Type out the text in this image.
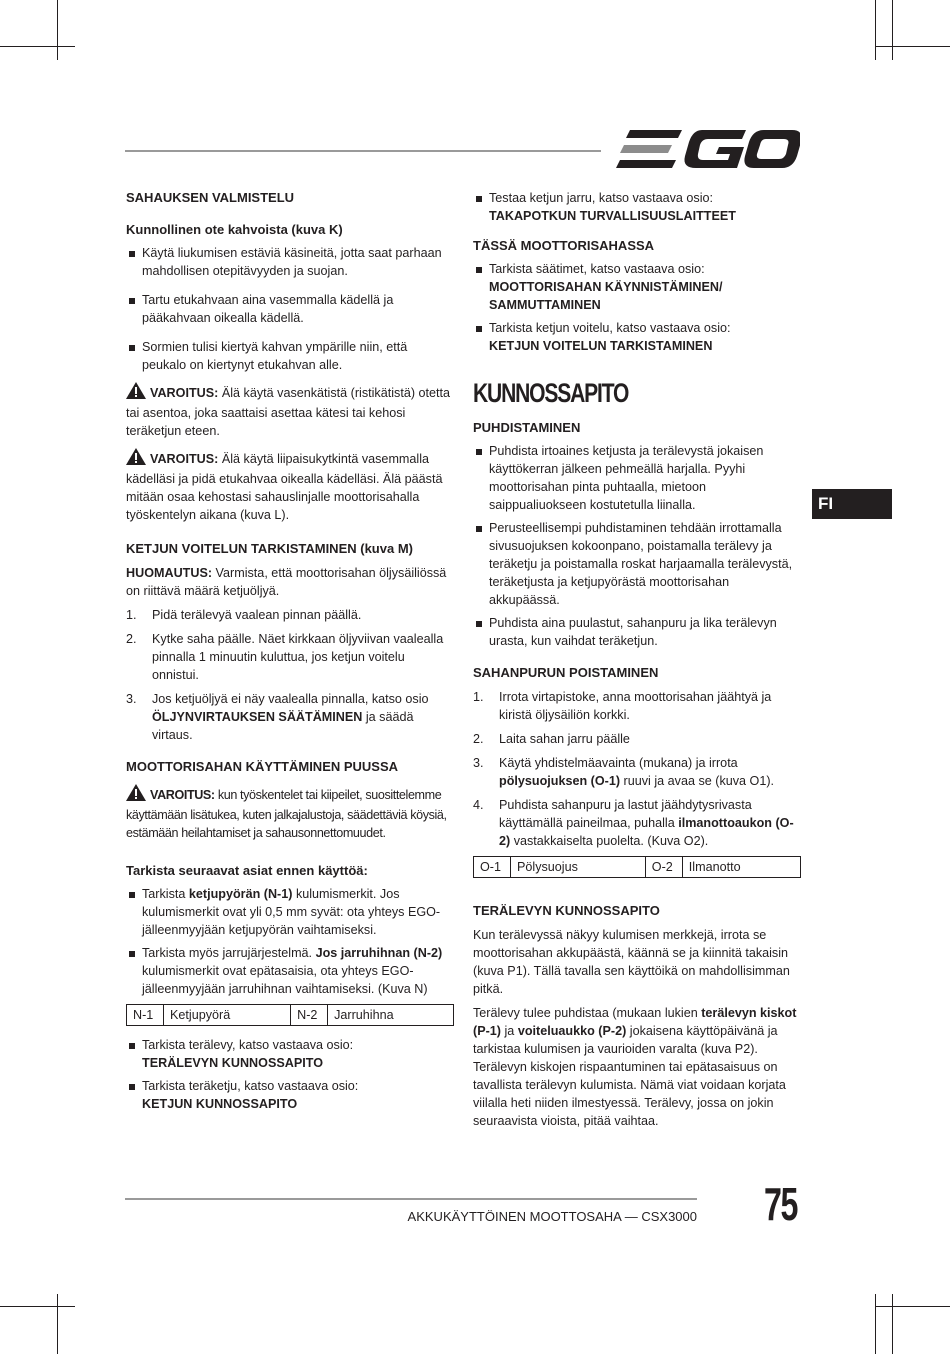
FI
SAHAUKSEN VALMISTELU
Kunnollinen ote kahvoista (kuva K)
Käytä liukumisen estäviä käsineitä, jotta saat parhaan mahdollisen otepitävyyden ja suojan.
Tartu etukahvaan aina vasemmalla kädellä ja pääkahvaan oikealla kädellä.
Sormien tulisi kiertyä kahvan ympärille niin, että peukalo on kiertynyt etukahvan alle.

VAROITUS: Älä käytä vasenkätistä (ristikätistä) otetta tai asentoa, joka saattaisi asettaa kätesi tai kehosi teräketjun eteen.

VAROITUS: Älä käytä liipaisukytkintä vasemmalla kädelläsi ja pidä etukahvaa oikealla kädelläsi. Älä päästä mitään osaa kehostasi sahauslinjalle moottorisahalla työskentelyn aikana (kuva L).

KETJUN VOITELUN TARKISTAMINEN (kuva M)

HUOMAUTUS: Varmista, että moottorisahan öljysäiliössä on riittävä määrä ketjuöljyä.

1. Pidä terälevyä vaalean pinnan päällä.
2. Kytke saha päälle. Näet kirkkaan öljyviivan vaalealla pinnalla 1 minuutin kuluttua, jos ketjun voitelu onnistui.
3. Jos ketjuöljyä ei näy vaalealla pinnalla, katso osio ÖLJYNVIRTAUKSEN SÄÄTÄMINEN ja säädä virtaus.
MOOTTORISAHAN KÄYTTÄMINEN PUUSSA

VAROITUS: kun työskentelet tai kiipeilet, suosittelemme käyttämään lisätukea, kuten jalkajalustoja, säädettäviä köysiä, estämään heilahtamiset ja sahausonnettomuudet.

Tarkista seuraavat asiat ennen käyttöä:
Tarkista ketjupyörän (N-1) kulumismerkit. Jos kulumismerkit ovat yli 0,5 mm syvät: ota yhteys EGO-jälleenmyyjään ketjupyörän vaihtamiseksi.
Tarkista myös jarrujärjestelmä. Jos jarruhihnan (N-2) kulumismerkit ovat epätasaisia, ota yhteys EGO-jälleenmyyjään jarruhihnan vaihtamiseksi. (Kuva N)
N-1	Ketjupyörä	N-2	Jarruhihna
Tarkista terälevy, katso vastaava osio:
TERÄLEVYN KUNNOSSAPITO
Tarkista teräketju, katso vastaava osio:
KETJUN KUNNOSSAPITO
Testaa ketjun jarru, katso vastaava osio:
TAKAPOTKUN TURVALLISUUSLAITTEET
TÄSSÄ MOOTTORISAHASSA
Tarkista säätimet, katso vastaava osio:
MOOTTORISAHAN KÄYNNISTÄMINEN/ SAMMUTTAMINEN
Tarkista ketjun voitelu, katso vastaava osio:
KETJUN VOITELUN TARKISTAMINEN
KUNNOSSAPITO
PUHDISTAMINEN
Puhdista irtoaines ketjusta ja terälevystä jokaisen käyttökerran jälkeen pehmeällä harjalla. Pyyhi moottorisahan pinta puhtaalla, mietoon saippualiuokseen kostutetulla liinalla.
Perusteellisempi puhdistaminen tehdään irrottamalla sivusuojuksen kokoonpano, poistamalla terälevy ja teräketju ja poistamalla roskat harjaamalla terälevystä, teräketjusta ja ketjupyörästä moottorisahan akkupäässä.
Puhdista aina puulastut, sahanpuru ja lika terälevyn urasta, kun vaihdat teräketjun.
SAHANPURUN POISTAMINEN
1. Irrota virtapistoke, anna moottorisahan jäähtyä ja kiristä öljysäiliön korkki.
2. Laita sahan jarru päälle
3. Käytä yhdistelmäavainta (mukana) ja irrota pölysuojuksen (O-1) ruuvi ja avaa se (kuva O1).
4. Puhdista sahanpuru ja lastut jäähdytysrivasta käyttämällä paineilmaa, puhalla ilmanottoaukon (O-2) vastakkaiselta puolelta. (Kuva O2).
O-1	Pölysuojus	O-2	Ilmanotto
TERÄLEVYN KUNNOSSAPITO

Kun terälevyssä näkyy kulumisen merkkejä, irrota se moottorisahan akkupäästä, käännä se ja kiinnitä takaisin (kuva P1). Tällä tavalla sen käyttöikä on mahdollisimman pitkä.

Terälevy tulee puhdistaa (mukaan lukien terälevyn kiskot (P-1) ja voiteluaukko (P-2) jokaisena käyttöpäivänä ja tarkistaa kulumisen ja vaurioiden varalta (kuva P2). Terälevyn kiskojen rispaantuminen tai epätasaisuus on tavallista terälevyn kulumista. Nämä viat voidaan korjata viilalla heti niiden ilmestyessä. Terälevy, jossa on jokin seuraavista vioista, pitää vaihtaa.

AKKUKÄYTTÖINEN MOOTTOSAHA — CSX3000 75
